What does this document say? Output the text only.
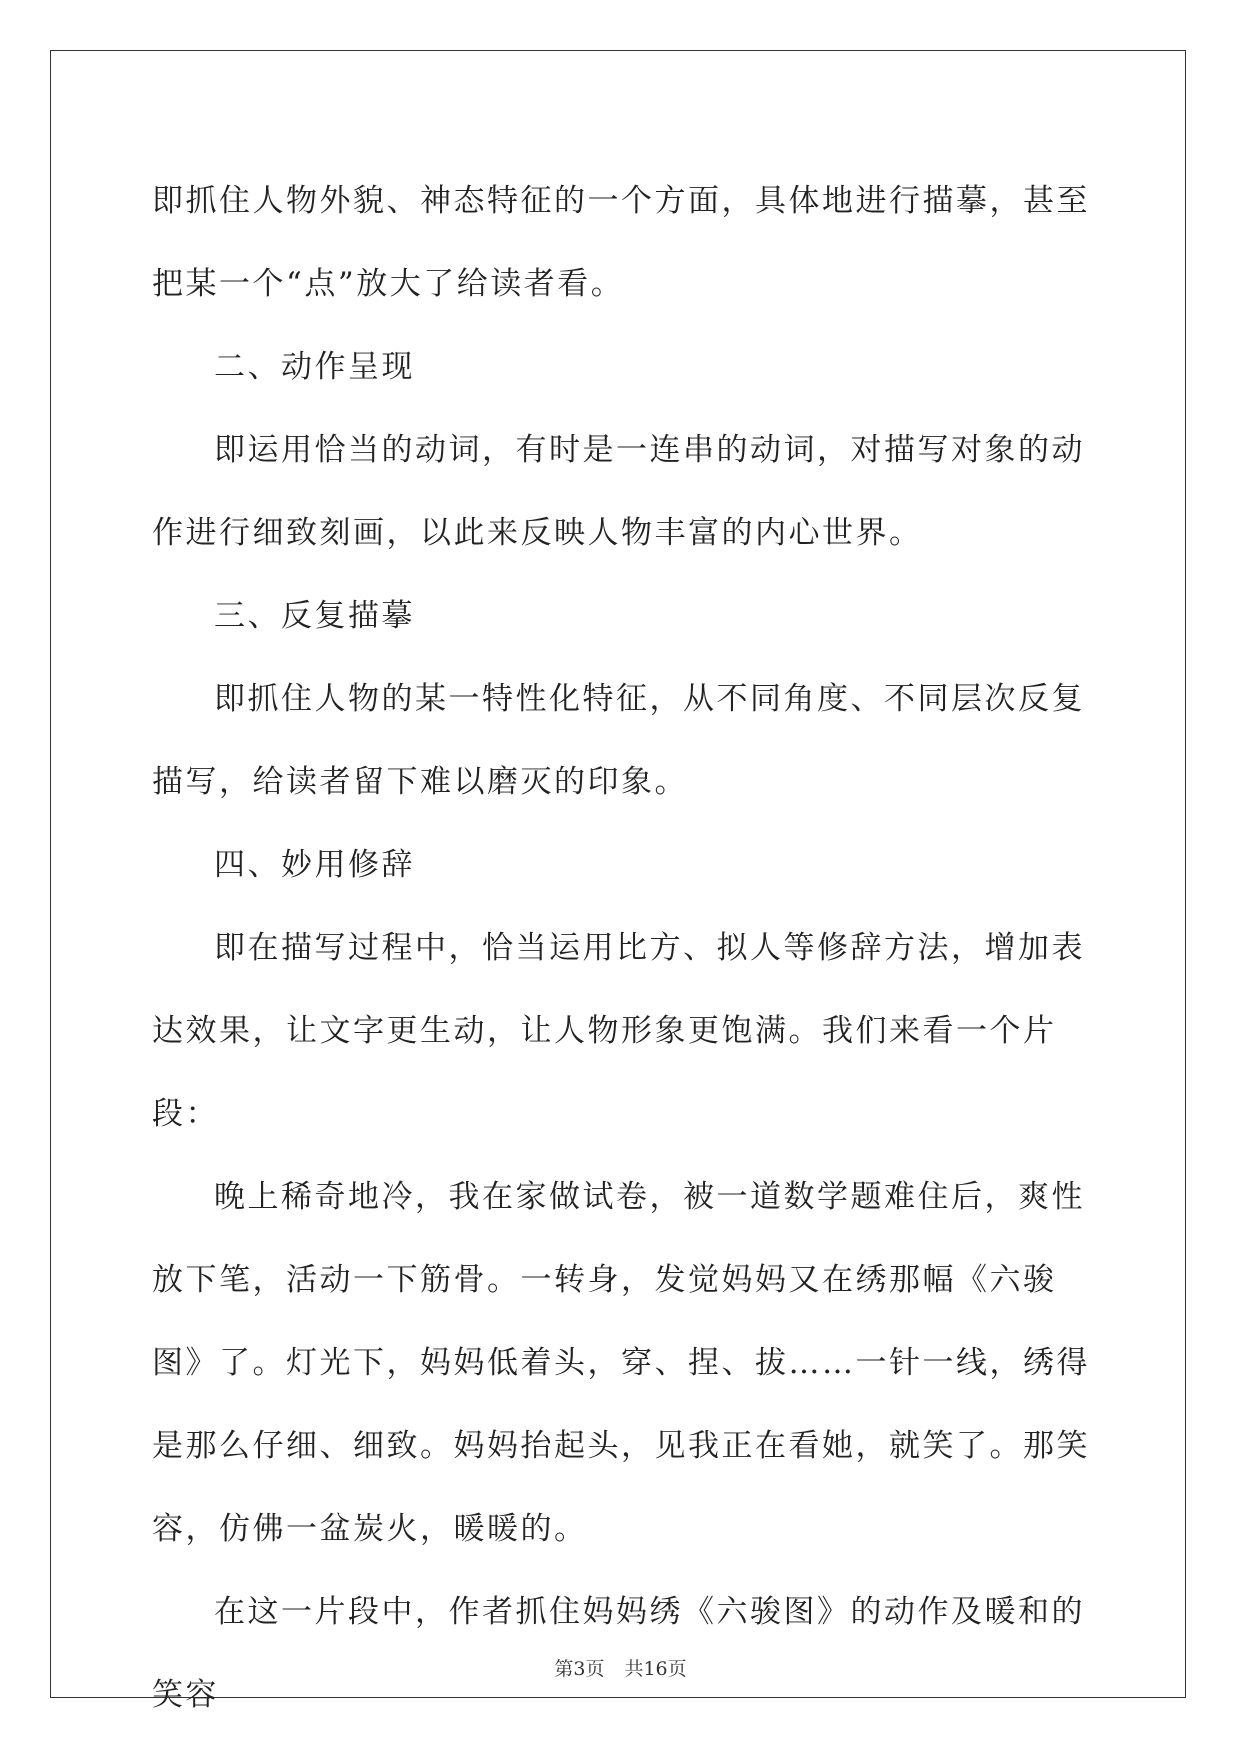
即抓住人物外貌、神态特征的一个方面，具体地进行描摹，甚至把某一个“点”放大了给读者看。

二、动作呈现

即运用恰当的动词，有时是一连串的动词，对描写对象的动作进行细致刻画，以此来反映人物丰富的内心世界。

三、反复描摹

即抓住人物的某一特性化特征，从不同角度、不同层次反复描写，给读者留下难以磨灭的印象。

四、妙用修辞

即在描写过程中，恰当运用比方、拟人等修辞方法，增加表达效果，让文字更生动，让人物形象更饱满。我们来看一个片段：

晚上稀奇地冷，我在家做试卷，被一道数学题难住后，爽性放下笔，活动一下筋骨。一转身，发觉妈妈又在绣那幅《六骏图》了。灯光下，妈妈低着头，穿、捏、拔……一针一线，绣得是那么仔细、细致。妈妈抬起头，见我正在看她，就笑了。那笑容，仿佛一盆炭火，暖暖的。

在这一片段中，作者抓住妈妈绣《六骏图》的动作及暖和的笑容

第3页 共16页
